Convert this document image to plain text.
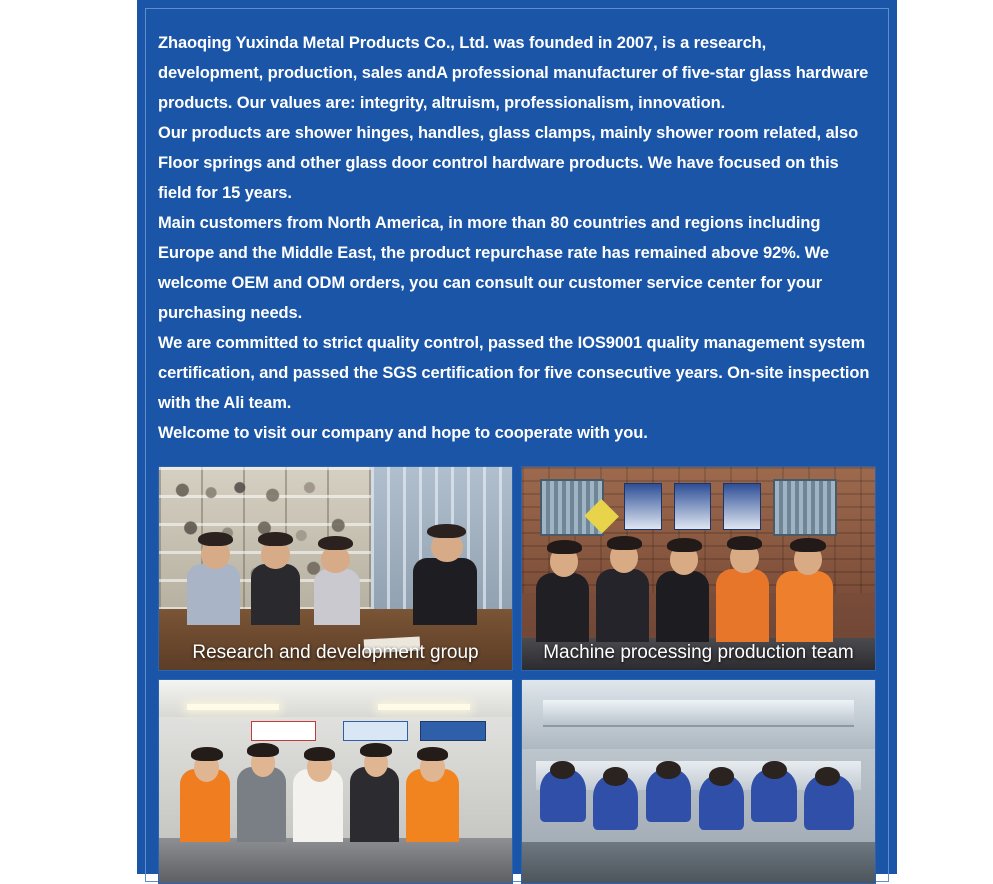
Zhaoqing Yuxinda Metal Products Co., Ltd. was founded in 2007, is a research, development, production, sales andA professional manufacturer of five-star glass hardware products. Our values are: integrity, altruism, professionalism, innovation.

Our products are shower hinges, handles, glass clamps, mainly shower room related, also Floor springs and other glass door control hardware products. We have focused on this field for 15 years.

Main customers from North America, in more than 80 countries and regions including Europe and the Middle East, the product repurchase rate has remained above 92%. We welcome OEM and ODM orders, you can consult our customer service center for your purchasing needs.

We are committed to strict quality control, passed the IOS9001 quality management system certification, and passed the SGS certification for five consecutive years. On-site inspection with the Ali team.

Welcome to visit our company and hope to cooperate with you.

Research and development group	Machine processing production team
